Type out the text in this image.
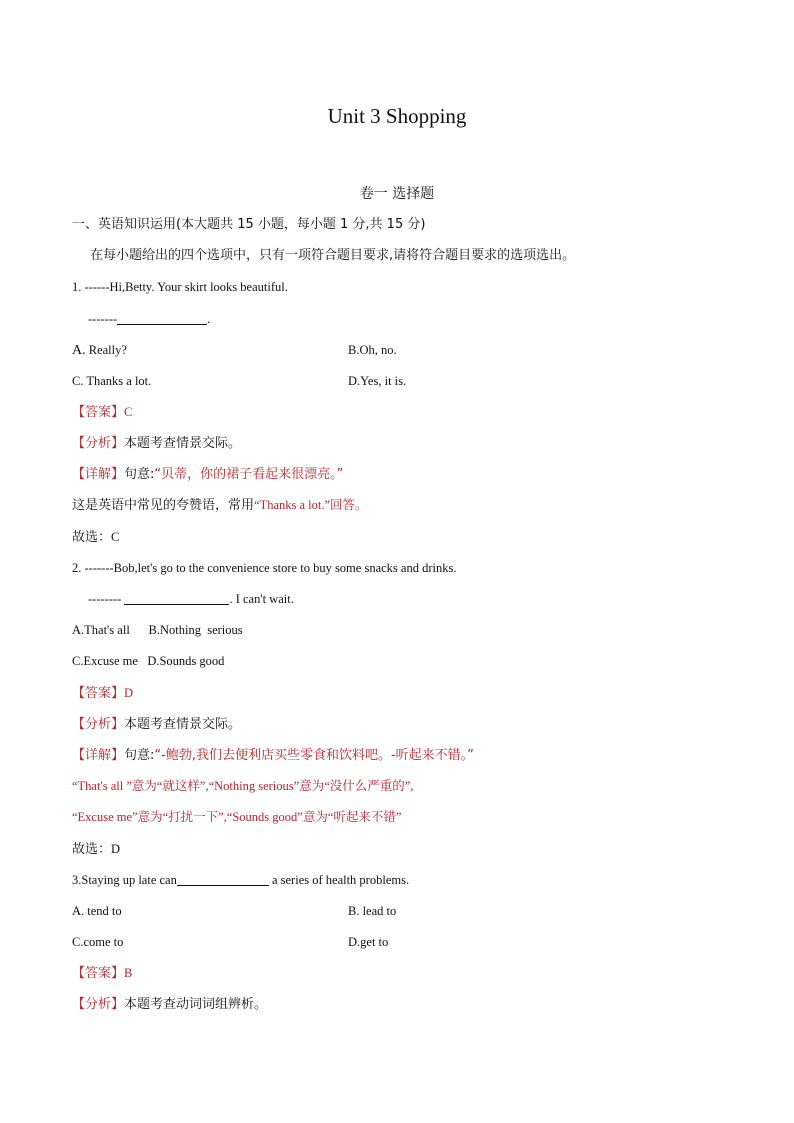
Unit 3 Shopping
卷一 选择题
一、英语知识运用(本大题共 15 小题，每小题 1 分,共 15 分)
在每小题给出的四个选项中，只有一项符合题目要求,请将符合题目要求的选项选出。
1. ------Hi,Betty. Your skirt looks beautiful.
-------	.
A. Really?	B.Oh, no.
C. Thanks a lot.	D.Yes, it is.
【答案】C
【分析】本题考查情景交际。
【详解】句意:“贝蒂，你的裙子看起来很漂亮。”
这是英语中常见的夸赞语，常用“Thanks a lot.”回答。
故选：C
2. -------Bob,let's go to the convenience store to buy some snacks and drinks.
--------	. I can't wait.
A.That's all      B.Nothing  serious
C.Excuse me   D.Sounds good
【答案】D
【分析】本题考查情景交际。
【详解】句意:“-鲍勃,我们去便利店买些零食和饮料吧。-听起来不错。”
“That's all ”意为“就这样”,“Nothing serious”意为“没什么严重的”,
“Excuse me”意为“打扰一下”,“Sounds good”意为“听起来不错”
故选：D
3.Staying up late can	a series of health problems.
A. tend to	B. lead to
C.come to	D.get to
【答案】B
【分析】本题考查动词词组辨析。
